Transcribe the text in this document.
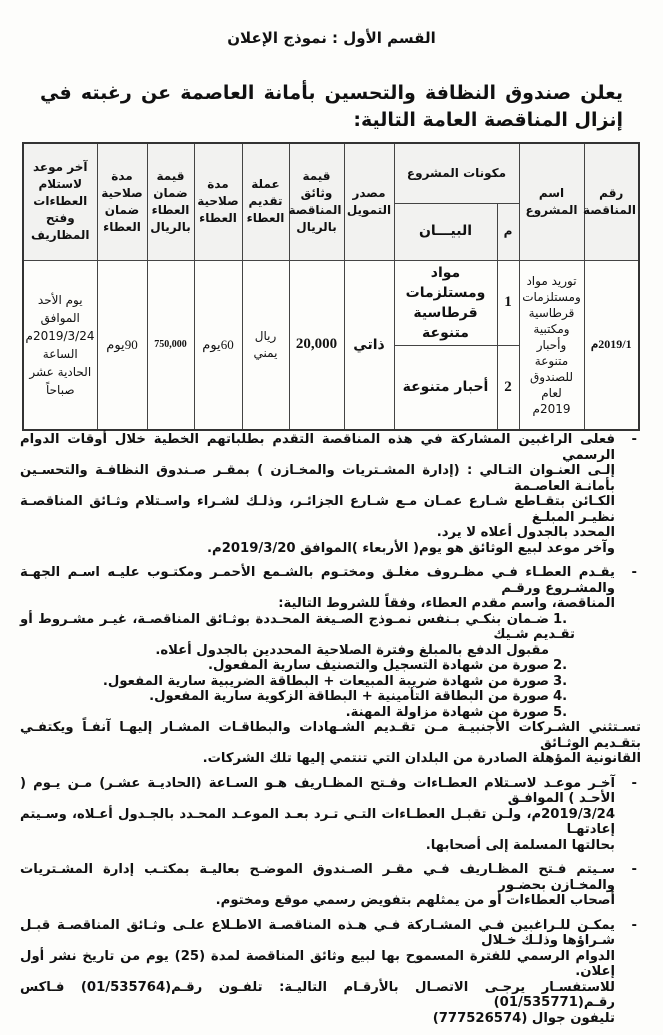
القسم الأول : نموذج الإعلان
يعلن صندوق النظافة والتحسين بأمانة العاصمة عن رغبته في إنزال المناقصة العامة التالية:
رقم المناقصة	اسم المشروع	مكونات المشروع		مصدر التمويل	قيمة وثائق المناقصة بالريال	عملة تقديم العطاء	مدة صلاحية العطاء	قيمة ضمان العطاء بالريال	مدة صلاحية ضمان العطاء	آخر موعد لاستلام العطاءات وفتح المظاريف
		م	البيـــان							
2019/1م	توريد مواد ومستلزمات قرطاسية ومكتبية وأحبار متنوعة للصندوق لعام 2019م	1	مواد ومستلزمات قرطاسية متنوعة	ذاتي	20,000	ريال يمني	60يوم	750,000	90يوم	يوم الأحد الموافق 2019/3/24م الساعة الحادية عشر صباحاً
		2	أحبار متنوعة							
-
فعلى الراغبين المشاركة في هذه المناقصة التقدم بطلباتهم الخطية خلال أوقات الدوام الرسمي
إلـى العنـوان التـالي : (إدارة المشـتريات والمخـازن ) بمقـر صـندوق النظافـة والتحسـين بأمانـة العاصـمة
الكـائن بتقـاطع شـارع عمـان مـع شـارع الجزائـر، وذلـك لشـراء واسـتلام وثـائق المناقصـة نظيـر المبلـغ
المحدد بالجدول أعلاه لا يرد.
وآخر موعد لبيع الوثائق هو يوم( الأربعاء )الموافق 2019/3/20م.
-
يقـدم العطـاء فـي مظـروف مغلـق ومختـوم بالشـمع الأحمـر ومكتـوب عليـه اسـم الجهـة والمشـروع ورقـم
المناقصة، واسم مقدم العطاء، وفقاً للشروط التالية:
1.ضـمان بنكـي بـنفس نمـوذج الصـيغة المحـددة بوثـائق المناقصـة، غيـر مشـروط أو تقـديم شـيك
مقبول الدفع بالمبلغ وفترة الصلاحية المحددين بالجدول أعلاه.
2.صورة من شهادة التسجيل والتصنيف سارية المفعول.
3.صورة من شهادة ضريبة المبيعات + البطاقة الضريبية سارية المفعول.
4.صورة من البطاقة التأمينية + البطاقة الزكوية سارية المفعول.
5.صورة من شهادة مزاولة المهنة.
تسـتثني الشـركات الأجنبيـة مـن تقـديم الشـهادات والبطاقـات المشـار إليهـا آنفـاً ويكتفـي بتقـديم الوثـائق
القانونية المؤهلة الصادرة من البلدان التي تنتمي إليها تلك الشركات.
-
آخـر موعـد لاسـتلام العطـاءات وفـتح المظـاريف هـو السـاعة (الحاديـة عشـر) مـن يـوم ( الأحـد ) الموافـق
2019/3/24م، ولـن تقبـل العطـاءات التـي تـرد بعـد الموعـد المحـدد بالجـدول أعـلاه، وسـيتم إعادتهـا
بحالتها المسلمة إلى أصحابها.
-
سـيتم فـتح المظـاريف فـي مقـر الصـندوق الموضـح بعاليـة بمكتـب إدارة المشـتريات والمخـازن بحضـور
أصحاب العطاءات أو من يمثلهم بتفويض رسمي موقع ومختوم.
-
يمكـن للـراغبين فـي المشـاركة فـي هـذه المناقصـة الاطـلاع علـى وثـائق المناقصـة قبـل شـراؤها وذلـك خـلال
الدوام الرسمي للفترة المسموح بها لبيع وثائق المناقصة لمدة (25) يوم من تاريخ نشر أول إعلان.
للاستفسـار يرجـى الاتصـال بالأرقـام التاليـة: تلفـون رقـم(01/535764) فـاكس رقـم(01/535771)
تليفون جوال (777526574)
